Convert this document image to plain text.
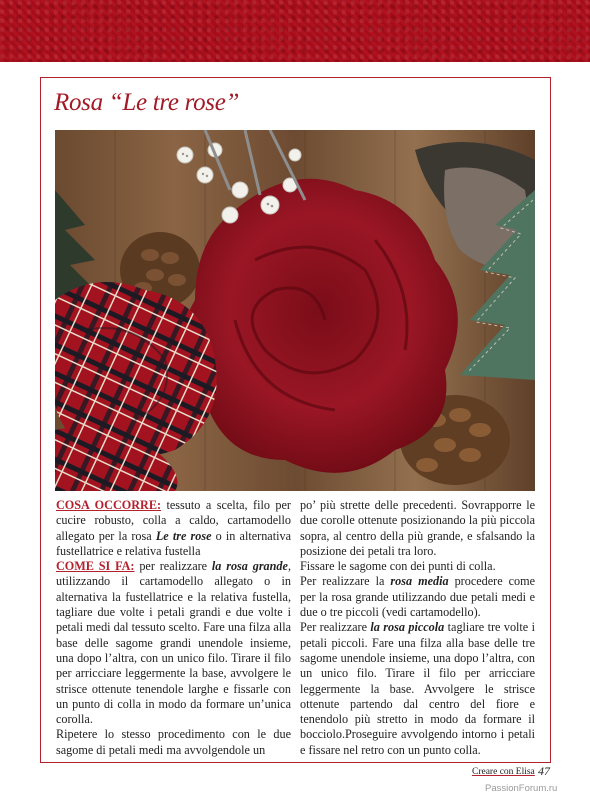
Rosa “Le tre rose”

COSA OCCORRE: tessuto a scelta, filo per cucire robusto, colla a caldo, cartamodello allegato per la rosa Le tre rose o in alternativa fustellatrice e relativa fustella

COME SI FA: per realizzare la rosa grande, utilizzando il cartamodello allegato o in alternativa la fustellatrice e la relativa fustella, tagliare due volte i petali grandi e due volte i petali medi dal tessuto scelto. Fare una filza alla base delle sagome grandi unendole insieme, una dopo l’altra, con un unico filo. Tirare il filo per arricciare leggermente la base, avvolgere le strisce ottenute tenendole larghe e fissarle con un punto di colla in modo da formare un’unica corolla.

Ripetere lo stesso procedimento con le due sagome di petali medi ma avvolgendole un

po’ più strette delle precedenti. Sovrapporre le due corolle ottenute posizionando la più piccola sopra, al centro della più grande, e sfalsando la posizione dei petali tra loro.

Fissare le sagome con dei punti di colla.

Per realizzare la rosa media procedere come per la rosa grande utilizzando due petali medi e due o tre piccoli (vedi cartamodello).

Per realizzare la rosa piccola tagliare tre volte i petali piccoli. Fare una filza alla base delle tre sagome unendole insieme, una dopo l’altra, con un unico filo. Tirare il filo per arricciare leggermente la base. Avvolgere le strisce ottenute partendo dal centro del fiore e tenendolo più stretto in modo da formare il bocciolo.Proseguire avvolgendo intorno i petali e fissare nel retro con un punto colla.

Creare con Elisa 47
PassionForum.ru
